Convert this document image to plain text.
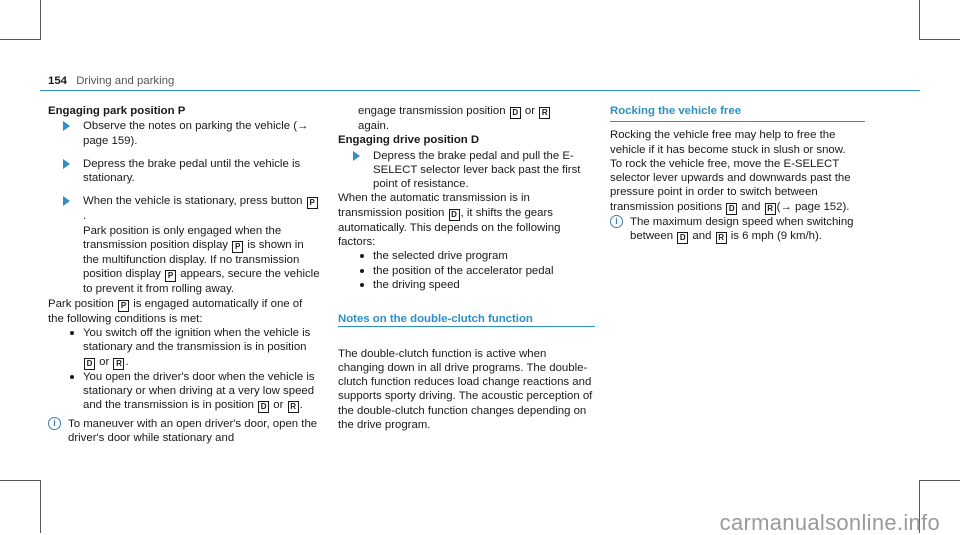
154 Driving and parking
Engaging park position P
Observe the notes on parking the vehicle (→ page 159).
Depress the brake pedal until the vehicle is stationary.
When the vehicle is stationary, press button P.
Park position is only engaged when the transmission position display P is shown in the multifunction display. If no transmission position display P appears, secure the vehicle to prevent it from rolling away.

Park position P is engaged automatically if one of the following conditions is met:

You switch off the ignition when the vehicle is stationary and the transmission is in position D or R .
You open the driver's door when the vehicle is stationary or when driving at a very low speed and the transmission is in position D or R .
i	To maneuver with an open driver's door, open the driver's door while stationary and
engage transmission position D or R
again.
Engaging drive position D
Depress the brake pedal and pull the E-SELECT selector lever back past the first point of resistance.

When the automatic transmission is in transmission position D , it shifts the gears automatically. This depends on the following factors:

the selected drive program
the position of the accelerator pedal
the driving speed
Notes on the double-clutch function

The double-clutch function is active when changing down in all drive programs. The double-clutch function reduces load change reactions and supports sporty driving. The acoustic perception of the double-clutch function changes depending on the drive program.

Rocking the vehicle free

Rocking the vehicle free may help to free the vehicle if it has become stuck in slush or snow.

To rock the vehicle free, move the E-SELECT selector lever upwards and downwards past the pressure point in order to switch between transmission positions D and R (→ page 152).

i	The maximum design speed when switching between D and R is 6 mph (9 km/h).
carmanualsonline.info
